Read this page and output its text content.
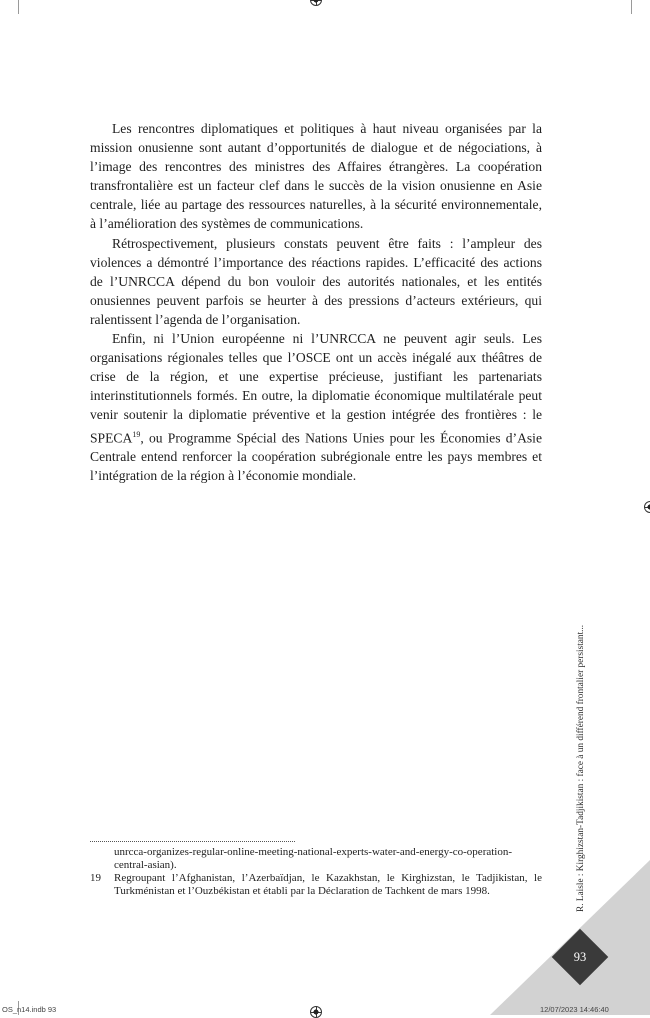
Les rencontres diplomatiques et politiques à haut niveau organisées par la mission onusienne sont autant d’opportunités de dialogue et de négociations, à l’image des rencontres des ministres des Affaires étrangères. La coopération transfrontalière est un facteur clef dans le succès de la vision onusienne en Asie centrale, liée au partage des ressources naturelles, à la sécurité environnementale, à l’amélioration des systèmes de communications.

Rétrospectivement, plusieurs constats peuvent être faits : l’ampleur des violences a démontré l’importance des réactions rapides. L’efficacité des actions de l’UNRCCA dépend du bon vouloir des autorités nationales, et les entités onusiennes peuvent parfois se heurter à des pressions d’acteurs extérieurs, qui ralentissent l’agenda de l’organisation.

Enfin, ni l’Union européenne ni l’UNRCCA ne peuvent agir seuls. Les organisations régionales telles que l’OSCE ont un accès inégalé aux théâtres de crise de la région, et une expertise précieuse, justifiant les partenariats interinstitutionnels formés. En outre, la diplomatie économique multilatérale peut venir soutenir la diplomatie préventive et la gestion intégrée des frontières : le SPECA$^{19}$, ou Programme Spécial des Nations Unies pour les Économies d’Asie Centrale entend renforcer la coopération subrégionale entre les pays membres et l’intégration de la région à l’économie mondiale.

unrcca-organizes-regular-online-meeting-national-experts-water-and-energy-co-operation-central-asian).
19	Regroupant l’Afghanistan, l’Azerbaïdjan, le Kazakhstan, le Kirghizstan, le Tadjikistan, le Turkménistan et l’Ouzbékistan et établi par la Déclaration de Tachkent de mars 1998.
93
R. Laisle : Kirghizstan-Tadjikistan : face à un différend frontalier persistant...
OS_n14.indb 93	12/07/2023 14:46:40
